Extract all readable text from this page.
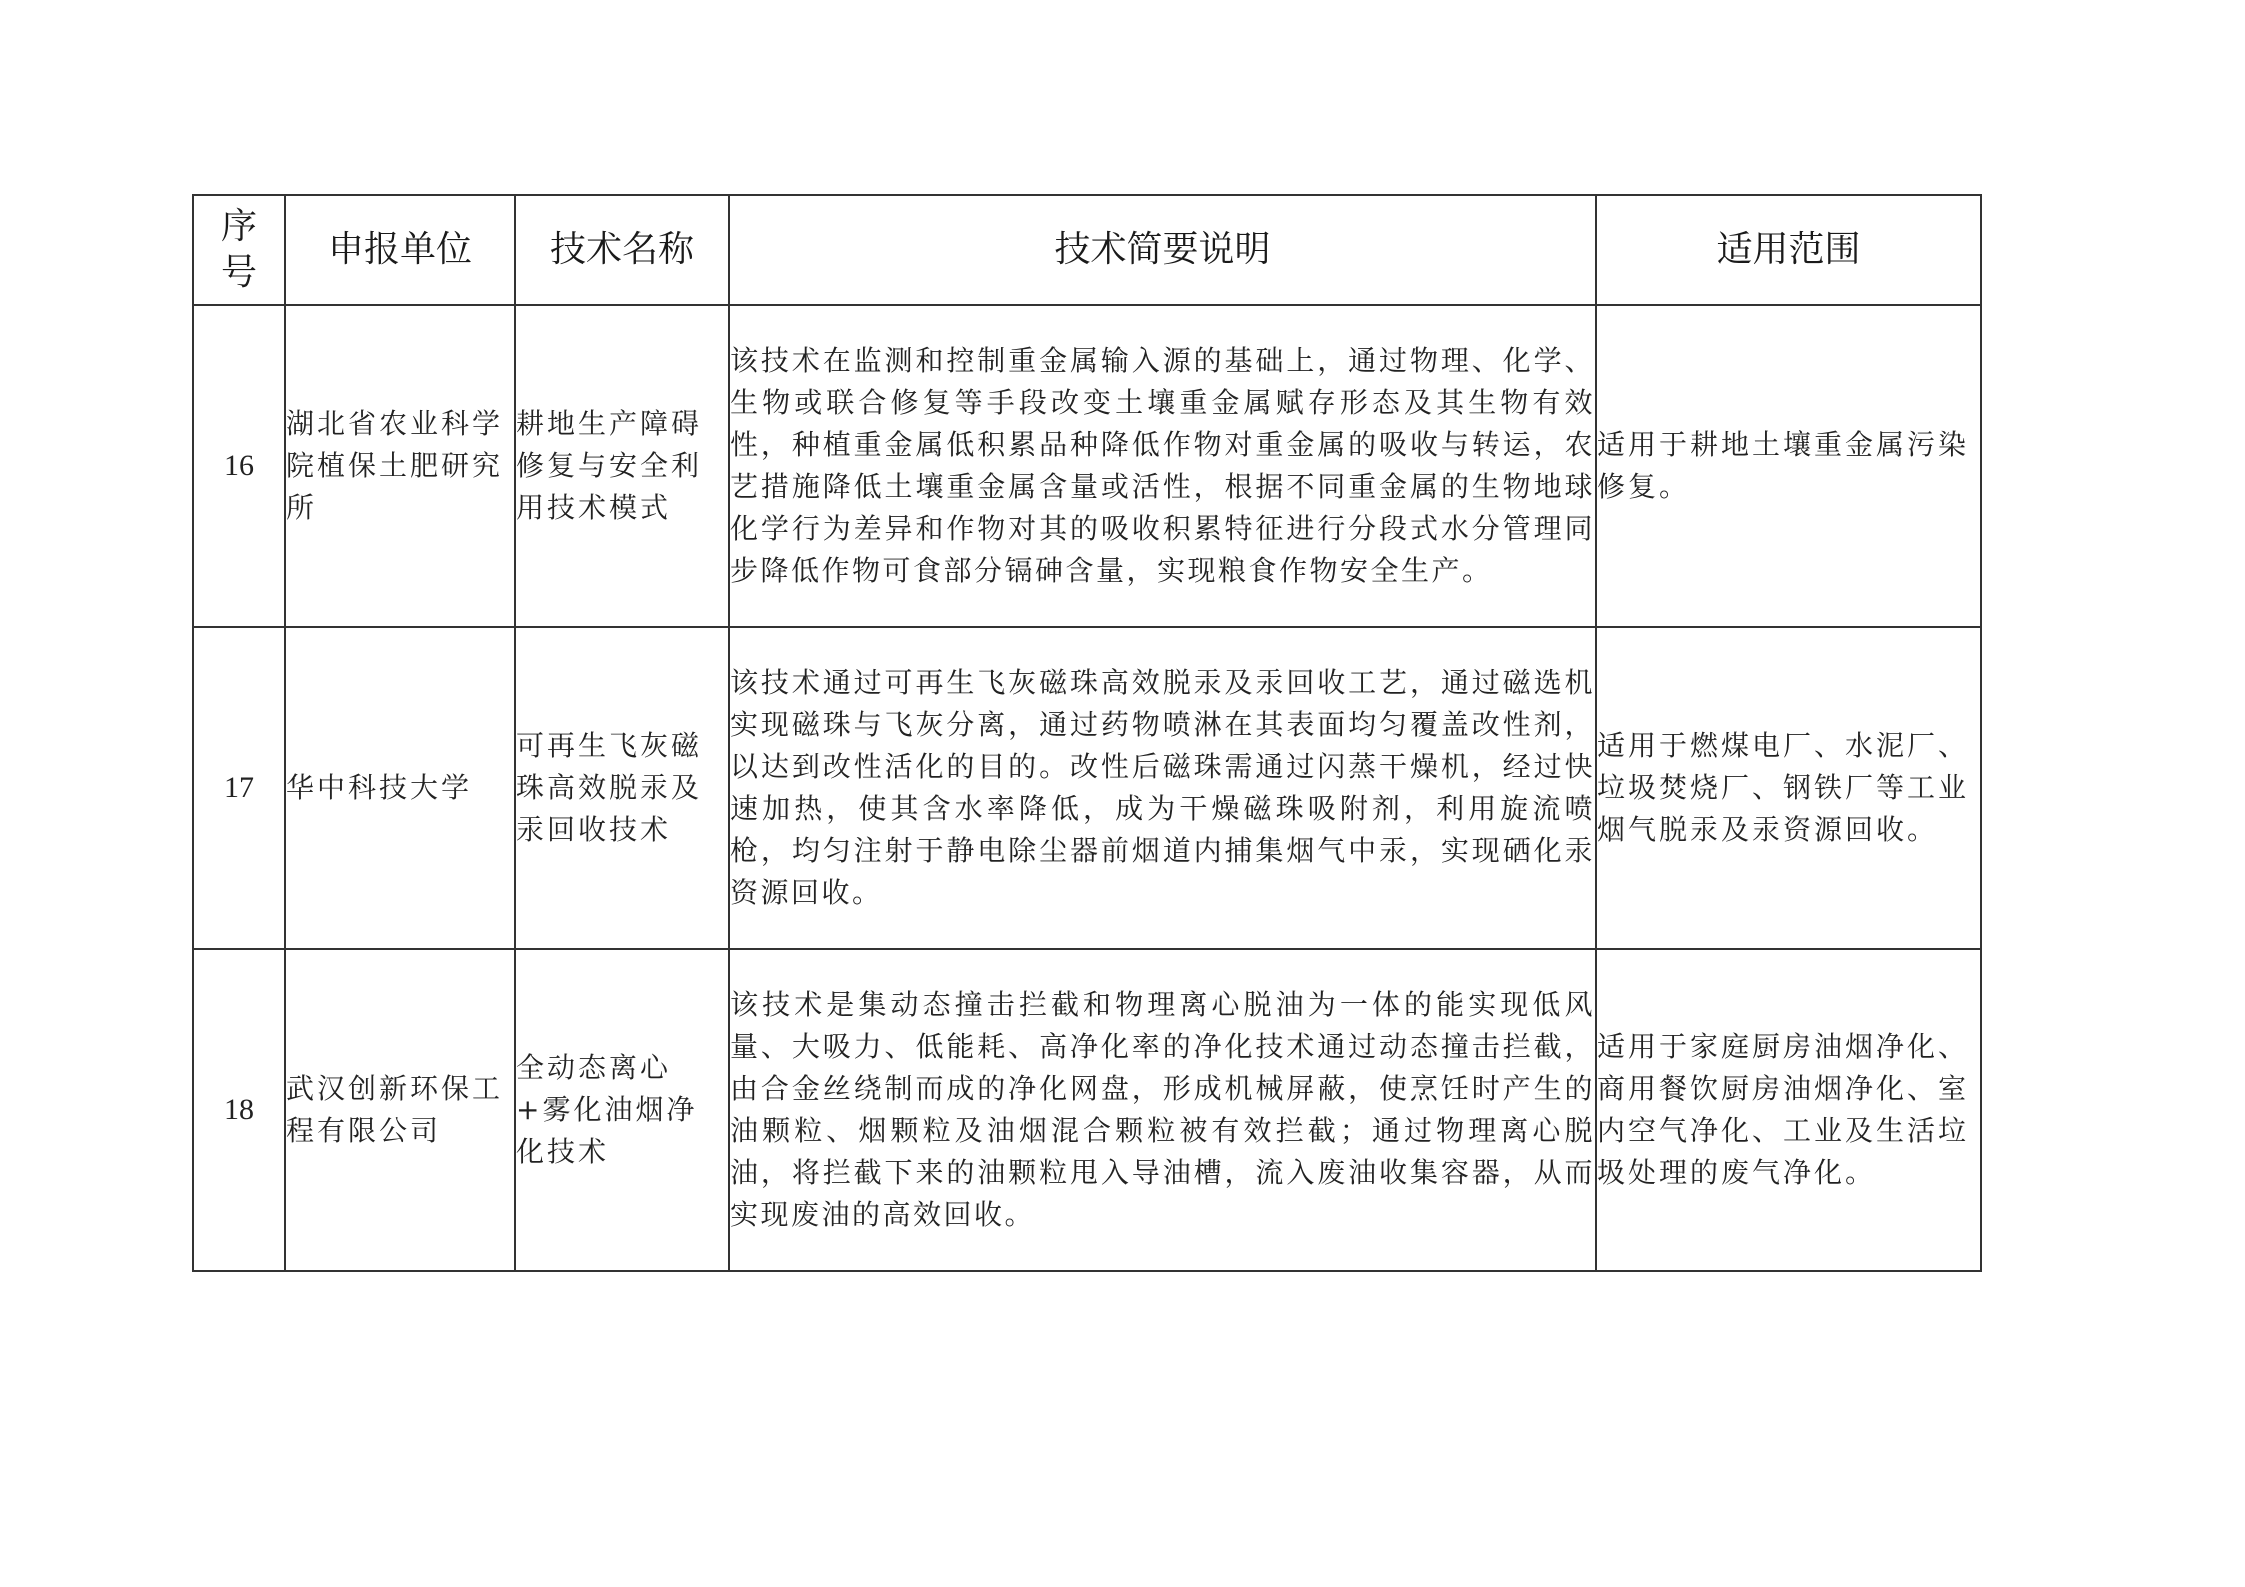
序号	申报单位	技术名称	技术简要说明	适用范围
16	湖北省农业科学院植保土肥研究所	耕地生产障碍修复与安全利用技术模式	该技术在监测和控制重金属输入源的基础上，通过物理、化学、生物或联合修复等手段改变土壤重金属赋存形态及其生物有效性，种植重金属低积累品种降低作物对重金属的吸收与转运，农艺措施降低土壤重金属含量或活性，根据不同重金属的生物地球化学行为差异和作物对其的吸收积累特征进行分段式水分管理同步降低作物可食部分镉砷含量，实现粮食作物安全生产。	适用于耕地土壤重金属污染修复。
17	华中科技大学	可再生飞灰磁珠高效脱汞及汞回收技术	该技术通过可再生飞灰磁珠高效脱汞及汞回收工艺，通过磁选机实现磁珠与飞灰分离，通过药物喷淋在其表面均匀覆盖改性剂，以达到改性活化的目的。改性后磁珠需通过闪蒸干燥机，经过快速加热，使其含水率降低，成为干燥磁珠吸附剂，利用旋流喷枪，均匀注射于静电除尘器前烟道内捕集烟气中汞，实现硒化汞资源回收。	适用于燃煤电厂、水泥厂、垃圾焚烧厂、钢铁厂等工业烟气脱汞及汞资源回收。
18	武汉创新环保工程有限公司	全动态离心+雾化油烟净化技术	该技术是集动态撞击拦截和物理离心脱油为一体的能实现低风量、大吸力、低能耗、高净化率的净化技术通过动态撞击拦截，由合金丝绕制而成的净化网盘，形成机械屏蔽，使烹饪时产生的油颗粒、烟颗粒及油烟混合颗粒被有效拦截；通过物理离心脱油，将拦截下来的油颗粒甩入导油槽，流入废油收集容器，从而实现废油的高效回收。	适用于家庭厨房油烟净化、商用餐饮厨房油烟净化、室内空气净化、工业及生活垃圾处理的废气净化。
